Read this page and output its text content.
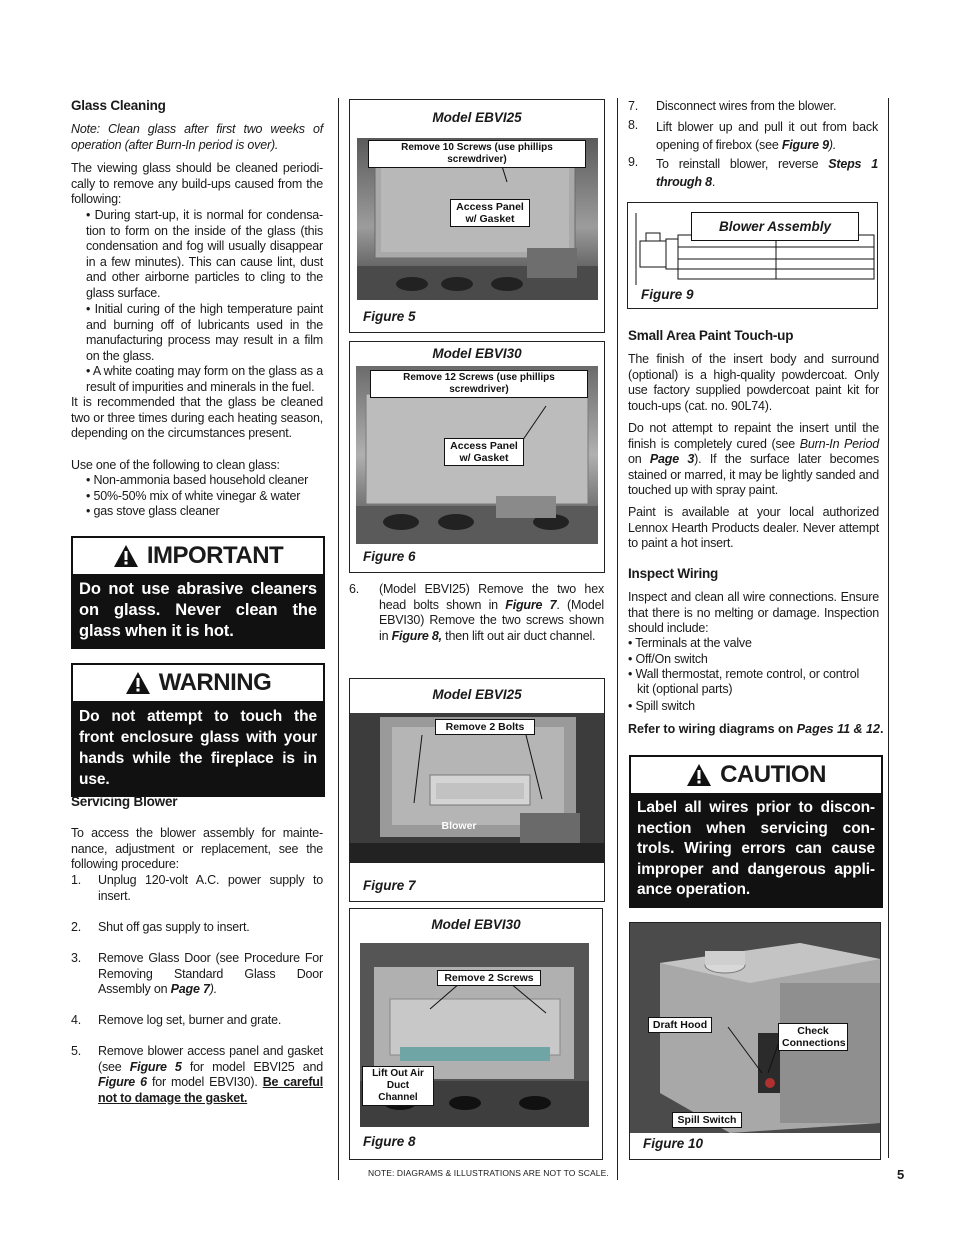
Glass Cleaning

Note: Clean glass after first two weeks of operation (after Burn-In period is over).

The viewing glass should be cleaned periodi-cally to remove any build-ups caused from the following:

• During start-up, it is normal for condensa-tion to form on the inside of the glass (this condensation and fog will usually disappear in a few minutes). This can cause lint, dust and other airborne particles to cling to the glass surface.

• Initial curing of the high temperature paint and burning off of lubricants used in the manufacturing process may result in a film on the glass.

• A white coating may form on the glass as a result of impurities and minerals in the fuel.

It is recommended that the glass be cleaned two or three times during each heating season, depending on the circumstances present.

Use one of the following to clean glass:

• Non-ammonia based household cleaner

• 50%-50% mix of white vinegar & water

• gas stove glass cleaner

IMPORTANT
Do not use abrasive cleaners on glass. Never clean the glass when it is hot.
WARNING
Do not attempt to touch the front enclosure glass with your hands while the fireplace is in use.
Servicing Blower

To access the blower assembly for mainte-nance, adjustment or replacement, see the following procedure:

1. Unplug 120-volt A.C. power supply to insert.
2. Shut off gas supply to insert.
3. Remove Glass Door (see Procedure For Removing Standard Glass Door Assembly on Page 7).
4. Remove log set, burner and grate.
5. Remove blower access panel and gasket (see Figure 5 for model EBVI25 and Figure 6 for model EBVI30). Be careful not to damage the gasket.
Model EBVI25
Remove 10 Screws (use phillips screwdriver)
Access Panel w/ Gasket
Figure 5
Model EBVI30
Remove 12 Screws (use phillips screwdriver)
Access Panel w/ Gasket
Figure 6
6. (Model EBVI25) Remove the two hex head bolts shown in Figure 7. (Model EBVI30) Remove the two screws shown in Figure 8, then lift out air duct channel.
Model EBVI25
Remove 2 Bolts
Blower
Figure 7
Model EBVI30
Remove 2 Screws
Lift Out Air Duct Channel
Figure 8
NOTE: DIAGRAMS & ILLUSTRATIONS ARE NOT TO SCALE.
7. Disconnect wires from the blower.
8. Lift blower up and pull it out from back opening of firebox (see Figure 9).
9. To reinstall blower, reverse Steps 1 through 8.
Blower Assembly
Figure 9
Small Area Paint Touch-up

The finish of the insert body and surround (optional) is a high-quality powdercoat. Only use factory supplied powdercoat paint kit for touch-ups (cat. no. 90L74).

Do not attempt to repaint the insert until the finish is completely cured (see Burn-In Period on Page 3). If the surface later becomes stained or marred, it may be lightly sanded and touched up with spray paint.

Paint is available at your local authorized Lennox Hearth Products dealer. Never attempt to paint a hot insert.

Inspect Wiring

Inspect and clean all wire connections. Ensure that there is no melting or damage. Inspection should include:

• Terminals at the valve

• Off/On switch

• Wall thermostat, remote control, or control

kit (optional parts)

• Spill switch

Refer to wiring diagrams on Pages 11 & 12.

CAUTION
Label all wires prior to discon-nection when servicing con-trols. Wiring errors can cause improper and dangerous appli-ance operation.
Draft Hood	Check Connections
Spill Switch
Figure 10
5
